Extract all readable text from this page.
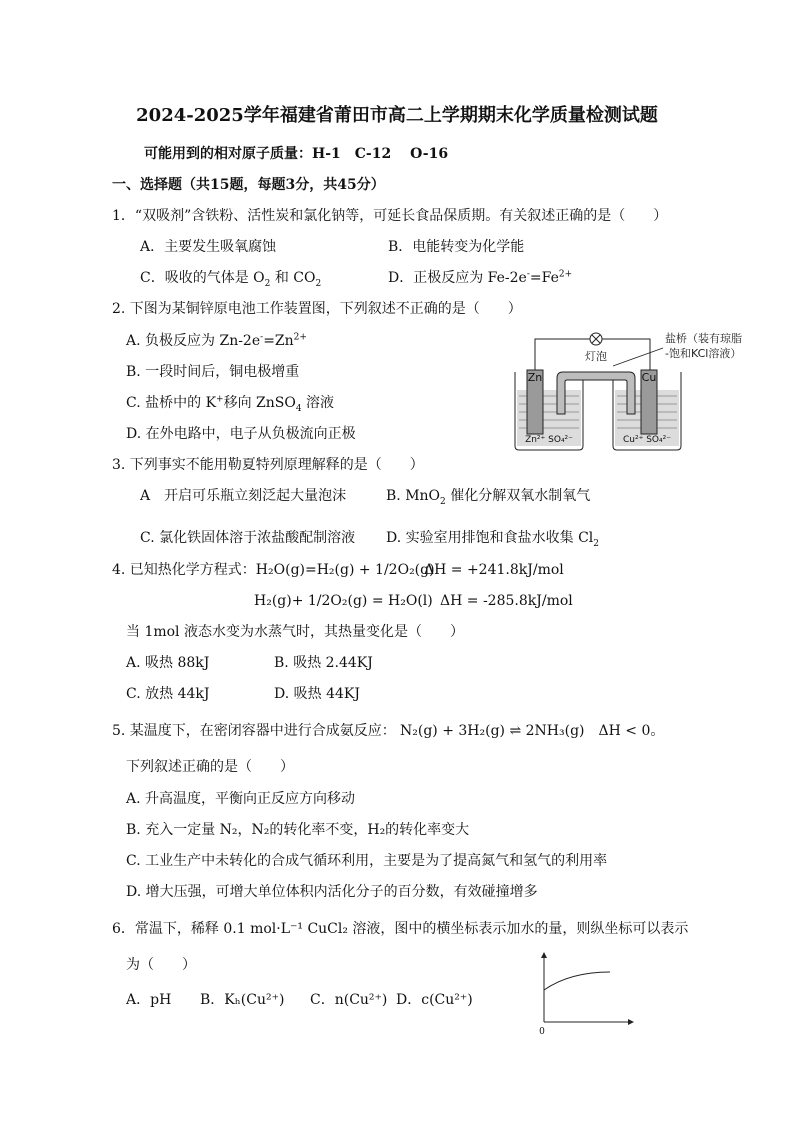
2024-2025学年福建省莆田市高二上学期期末化学质量检测试题
可能用到的相对原子质量：H-1　C-12　 O-16
一、选择题（共15题，每题3分，共45分）
1．“双吸剂”含铁粉、活性炭和氯化钠等，可延长食品保质期。有关叙述正确的是（　　）
A．主要发生吸氧腐蚀	B．电能转变为化学能
C．吸收的气体是 $O_2$ 和 $CO_2$	D．正极反应为 $Fe-2e^-=Fe^{2+}$
2. 下图为某铜锌原电池工作装置图，下列叙述不正确的是（　　）
A. 负极反应为 $Zn-2e^-=Zn^{2+}$
B. 一段时间后，铜电极增重
C. 盐桥中的 K+移向 ZnSO$_4$ 溶液
D. 在外电路中，电子从负极流向正极
灯泡
盐桥（装有琼脂
-饱和KCl溶液）
Zn	Cu
Zn²⁺ SO₄²⁻	Cu²⁺ SO₄²⁻
3. 下列事实不能用勒夏特列原理解释的是（　　）
A　开启可乐瓶立刻泛起大量泡沫	B. MnO$_2$ 催化分解双氧水制氧气
C. 氯化铁固体溶于浓盐酸配制溶液 D. 实验室用排饱和食盐水收集 $Cl_2$
4. 已知热化学方程式：H₂O(g)=H₂(g) + 1/2O₂(g)
ΔH = +241.8kJ/mol
H₂(g)+ 1/2O₂(g) = H₂O(l) ΔH = -285.8kJ/mol
当 1mol 液态水变为水蒸气时，其热量变化是（　　）
A. 吸热 88kJ	B. 吸热 2.44KJ
C. 放热 44kJ	D. 吸热 44KJ
5. 某温度下，在密闭容器中进行合成氨反应： N₂(g) + 3H₂(g) ⇌ 2NH₃(g)　ΔH < 0。
下列叙述正确的是（　　）
A. 升高温度，平衡向正反应方向移动
B. 充入一定量 N₂，N₂的转化率不变，H₂的转化率变大
C. 工业生产中未转化的合成气循环利用，主要是为了提高氮气和氢气的利用率
D. 增大压强，可增大单位体积内活化分子的百分数，有效碰撞增多
6．常温下，稀释 0.1 mol·L⁻¹ CuCl₂ 溶液，图中的横坐标表示加水的量，则纵坐标可以表示
为（　　）
A．pH B．Kₕ(Cu²⁺) C．n(Cu²⁺) D．c(Cu²⁺)
0
